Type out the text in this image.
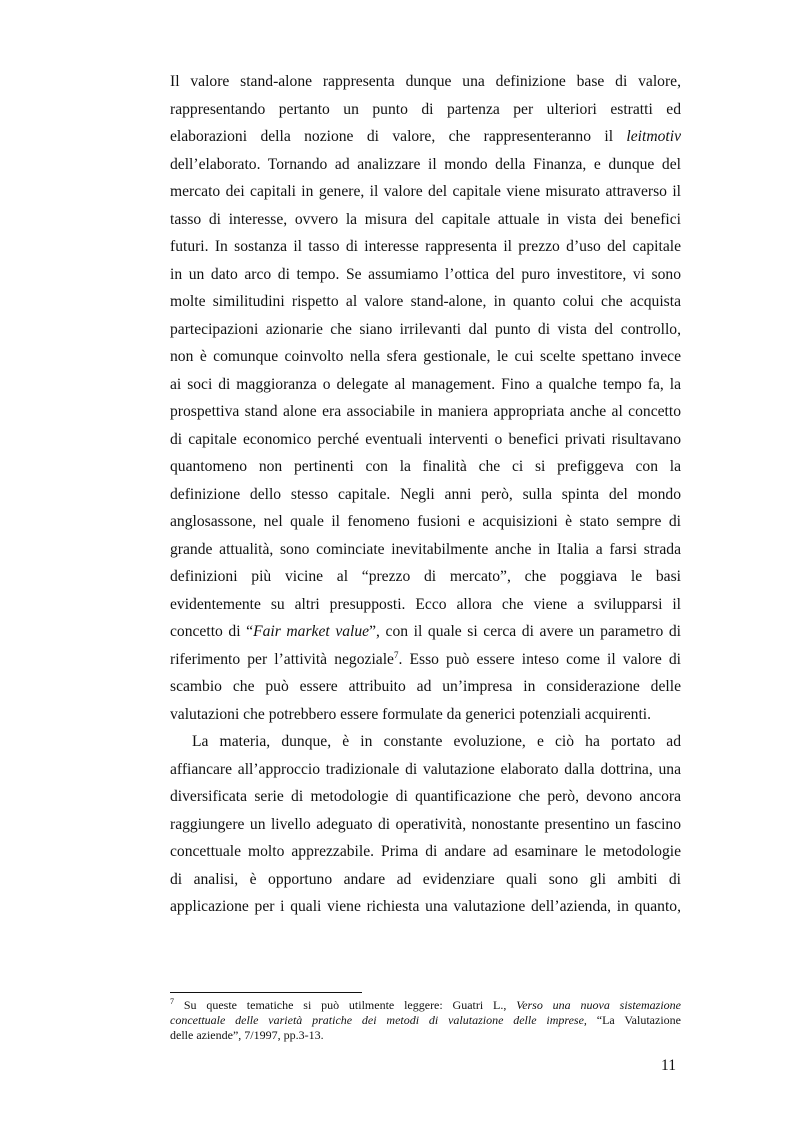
Il valore stand-alone rappresenta dunque una definizione base di valore,
rappresentando pertanto un punto di partenza per ulteriori estratti ed
elaborazioni della nozione di valore, che rappresenteranno il leitmotiv
dell’elaborato. Tornando ad analizzare il mondo della Finanza, e dunque del
mercato dei capitali in genere, il valore del capitale viene misurato attraverso il
tasso di interesse, ovvero la misura del capitale attuale in vista dei benefici
futuri. In sostanza il tasso di interesse rappresenta il prezzo d’uso del capitale
in un dato arco di tempo. Se assumiamo l’ottica del puro investitore, vi sono
molte similitudini rispetto al valore stand-alone, in quanto colui che acquista
partecipazioni azionarie che siano irrilevanti dal punto di vista del controllo,
non è comunque coinvolto nella sfera gestionale, le cui scelte spettano invece
ai soci di maggioranza o delegate al management. Fino a qualche tempo fa, la
prospettiva stand alone era associabile in maniera appropriata anche al concetto
di capitale economico perché eventuali interventi o benefici privati risultavano
quantomeno non pertinenti con la finalità che ci si prefiggeva con la
definizione dello stesso capitale. Negli anni però, sulla spinta del mondo
anglosassone, nel quale il fenomeno fusioni e acquisizioni è stato sempre di
grande attualità, sono cominciate inevitabilmente anche in Italia a farsi strada
definizioni più vicine al “prezzo di mercato”, che poggiava le basi
evidentemente su altri presupposti. Ecco allora che viene a svilupparsi il
concetto di “Fair market value”, con il quale si cerca di avere un parametro di
riferimento per l’attività negoziale$^7$. Esso può essere inteso come il valore di
scambio che può essere attribuito ad un’impresa in considerazione delle
valutazioni che potrebbero essere formulate da generici potenziali acquirenti.
La materia, dunque, è in constante evoluzione, e ciò ha portato ad
affiancare all’approccio tradizionale di valutazione elaborato dalla dottrina, una
diversificata serie di metodologie di quantificazione che però, devono ancora
raggiungere un livello adeguato di operatività, nonostante presentino un fascino
concettuale molto apprezzabile. Prima di andare ad esaminare le metodologie
di analisi, è opportuno andare ad evidenziare quali sono gli ambiti di
applicazione per i quali viene richiesta una valutazione dell’azienda, in quanto,
$^7$ Su queste tematiche si può utilmente leggere: Guatri L., Verso una nuova sistemazione
concettuale delle varietà pratiche dei metodi di valutazione delle imprese, “La Valutazione
delle aziende”, 7/1997, pp.3-13.
11
